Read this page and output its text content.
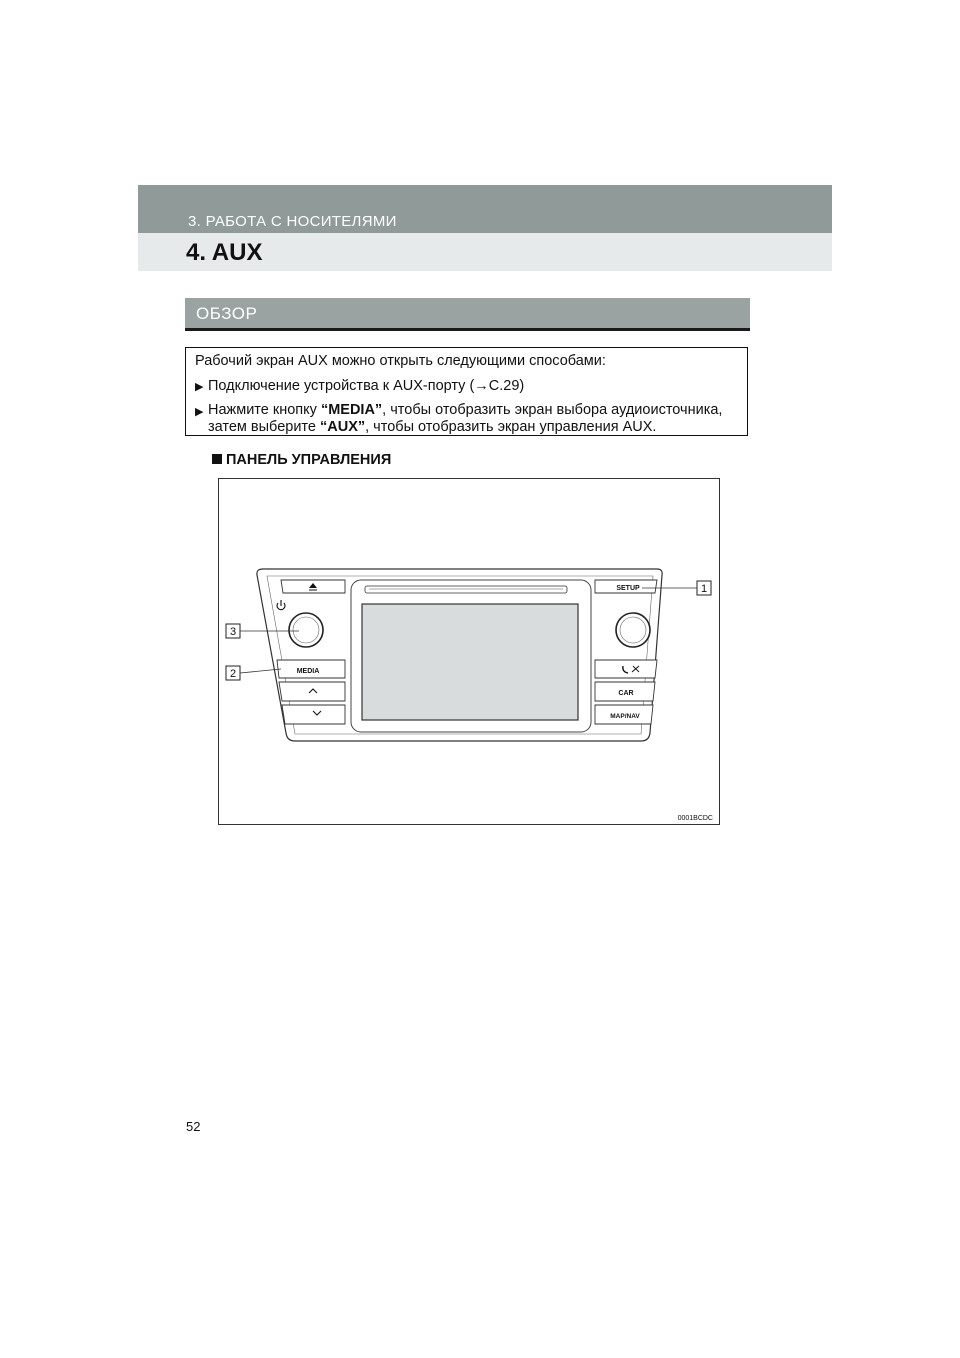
3. РАБОТА С НОСИТЕЛЯМИ
4. AUX
ОБЗОР
Рабочий экран AUX можно открыть следующими способами:
▶ Подключение устройства к AUX-порту (→С.29)
▶ Нажмите кнопку “MEDIA”, чтобы отобразить экран выбора аудиоисточника,
затем выберите “AUX”, чтобы отобразить экран управления AUX.
ПАНЕЛЬ УПРАВЛЕНИЯ
MEDIA
SETUP
CAR
MAP/NAV
1
3
2
0001BCDC
52
